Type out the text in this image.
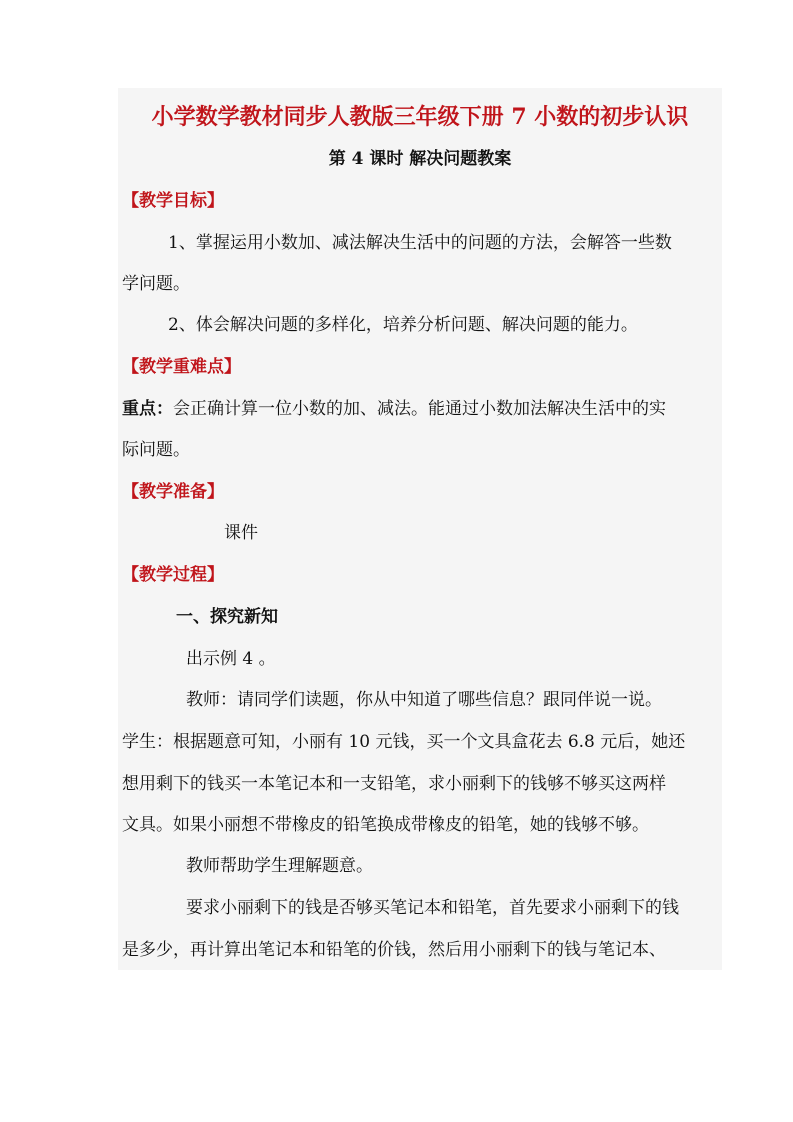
小学数学教材同步人教版三年级下册 7 小数的初步认识
第 4 课时 解决问题教案
【教学目标】
1、掌握运用小数加、减法解决生活中的问题的方法，会解答一些数
学问题。
2、体会解决问题的多样化，培养分析问题、解决问题的能力。
【教学重难点】
重点：会正确计算一位小数的加、减法。能通过小数加法解决生活中的实
际问题。
【教学准备】
课件
【教学过程】
一、探究新知
出示例 4 。
教师：请同学们读题，你从中知道了哪些信息？跟同伴说一说。
学生：根据题意可知，小丽有 10 元钱，买一个文具盒花去 6.8 元后，她还
想用剩下的钱买一本笔记本和一支铅笔，求小丽剩下的钱够不够买这两样
文具。如果小丽想不带橡皮的铅笔换成带橡皮的铅笔，她的钱够不够。
教师帮助学生理解题意。
要求小丽剩下的钱是否够买笔记本和铅笔，首先要求小丽剩下的钱
是多少，再计算出笔记本和铅笔的价钱，然后用小丽剩下的钱与笔记本、
